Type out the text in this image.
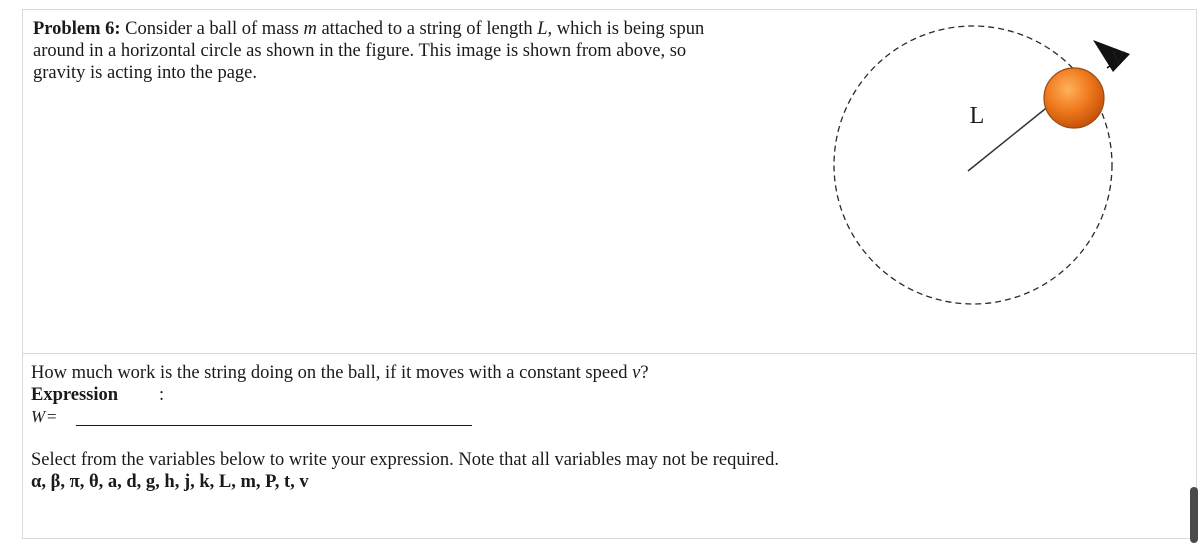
Problem 6: Consider a ball of mass m attached to a string of length L, which is being spun around in a horizontal circle as shown in the figure. This image is shown from above, so gravity is acting into the page.
L
V
How much work is the string doing on the ball, if it moves with a constant speed v?
Expression :
W =
Select from the variables below to write your expression. Note that all variables may not be required.
α, β, π, θ, a, d, g, h, j, k, L, m, P, t, v
